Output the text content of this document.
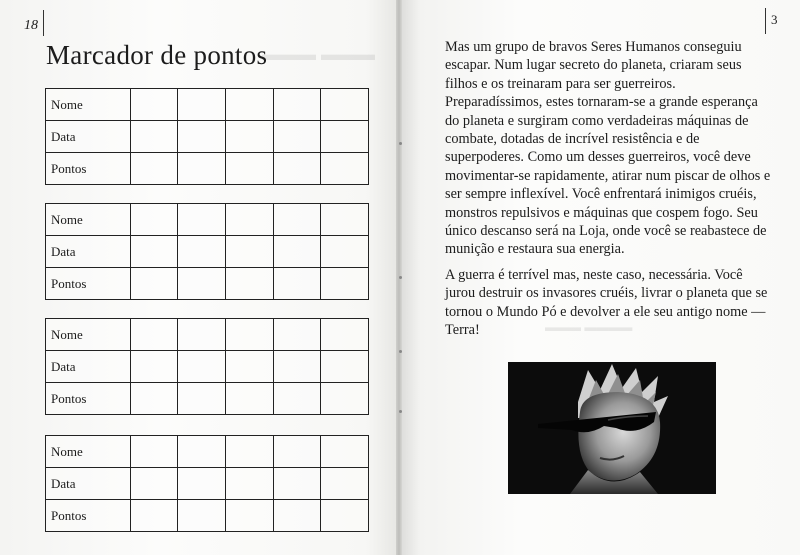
▬▬▬ ▬▬▬
▬▬▬ ▬▬▬▬
18	3
Marcador de pontos
Nome					
Data					
Pontos					
Nome					
Data					
Pontos					
Nome					
Data					
Pontos					
Nome					
Data					
Pontos					

Mas um grupo de bravos Seres Humanos conseguiu escapar. Num lugar secreto do planeta, criaram seus filhos e os treinaram para ser guerreiros. Preparadíssimos, estes tornaram-se a grande esperança do planeta e surgiram como verdadeiras máquinas de combate, dotadas de incrível resistência e de superpoderes. Como um desses guerreiros, você deve movimentar-se rapidamente, atirar num piscar de olhos e ser sempre inflexível. Você enfrentará inimigos cruéis, monstros repulsivos e máquinas que cospem fogo. Seu único descanso será na Loja, onde você se reabastece de munição e restaura sua energia.

A guerra é terrível mas, neste caso, necessária. Você jurou destruir os invasores cruéis, livrar o planeta que se tornou o Mundo Pó e devolver a ele seu antigo nome — Terra!
